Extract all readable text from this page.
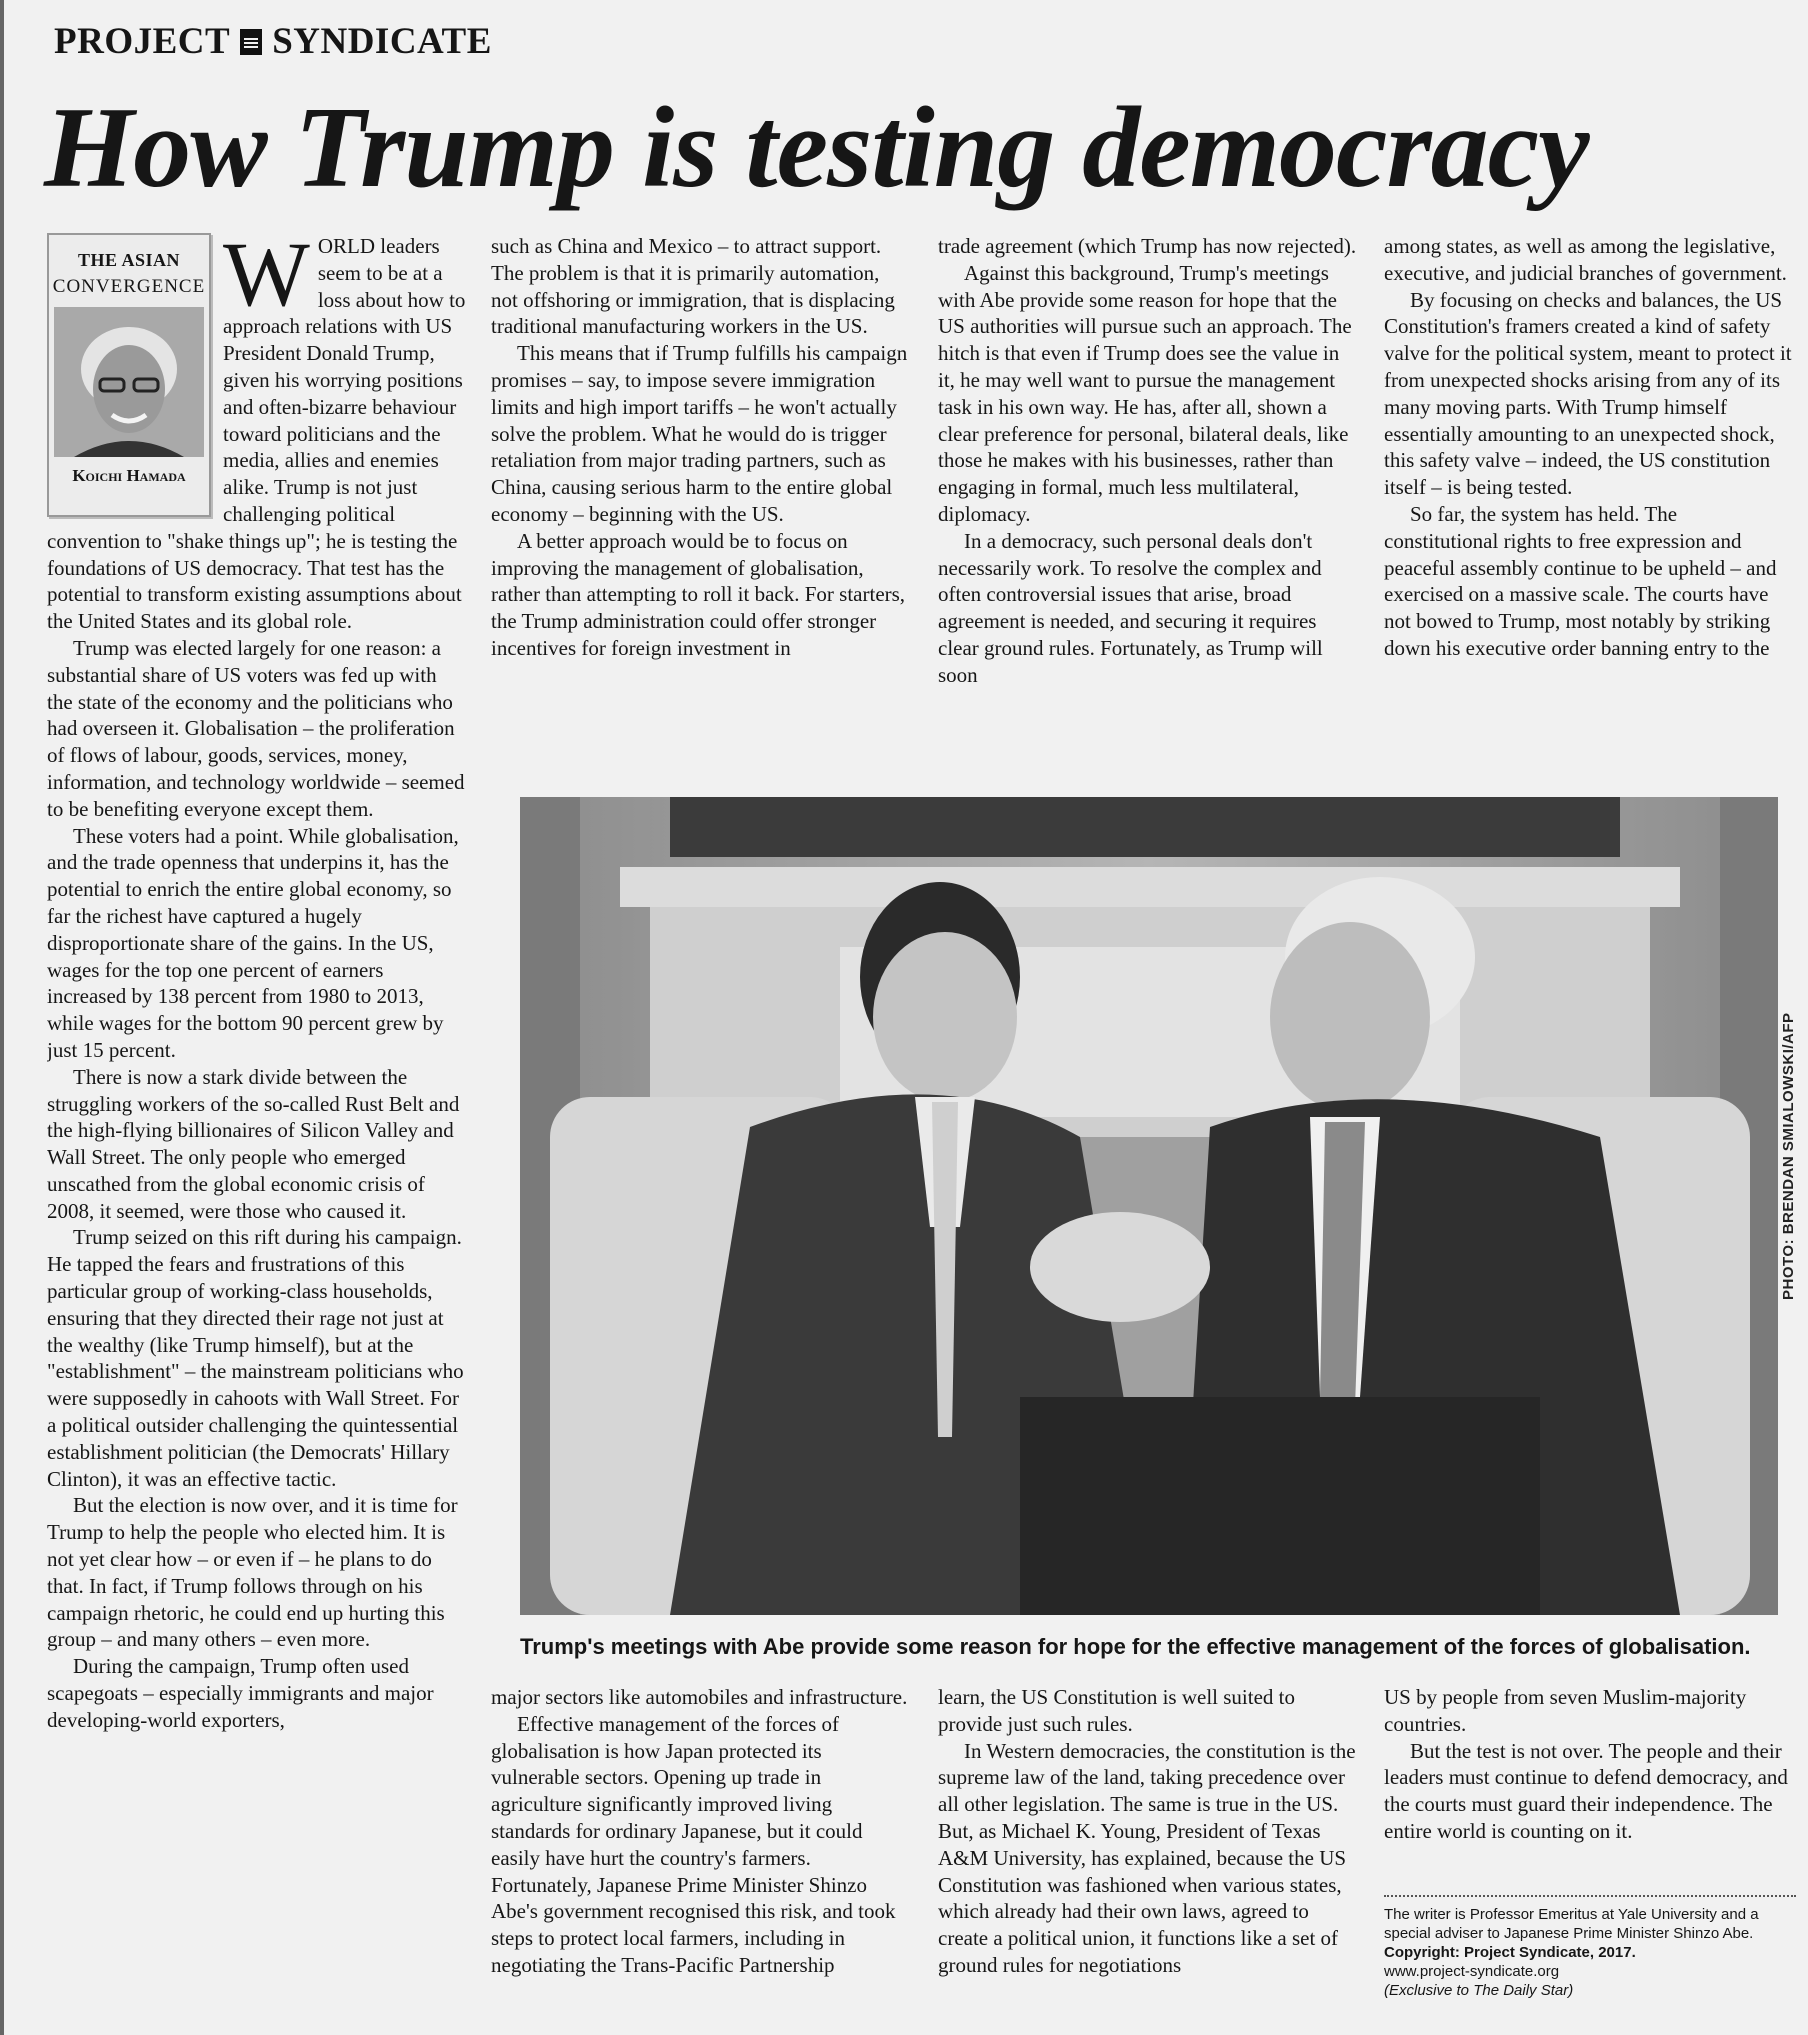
PROJECT SYNDICATE
How Trump is testing democracy
THE ASIAN
CONVERGENCE
Koichi Hamada
W ORLD leaders seem to be at a loss about how to approach relations with US President Donald Trump, given his worrying positions and often-bizarre behaviour toward politicians and the media, allies and enemies alike. Trump is not just challenging political convention to "shake things up"; he is testing the foundations of US democracy. That test has the potential to transform existing assumptions about the United States and its global role.

Trump was elected largely for one reason: a substantial share of US voters was fed up with the state of the economy and the politicians who had overseen it. Globalisation – the proliferation of flows of labour, goods, services, money, information, and technology worldwide – seemed to be benefiting everyone except them.

These voters had a point. While globalisation, and the trade openness that underpins it, has the potential to enrich the entire global economy, so far the richest have captured a hugely disproportionate share of the gains. In the US, wages for the top one percent of earners increased by 138 percent from 1980 to 2013, while wages for the bottom 90 percent grew by just 15 percent.

There is now a stark divide between the struggling workers of the so-called Rust Belt and the high-flying billionaires of Silicon Valley and Wall Street. The only people who emerged unscathed from the global economic crisis of 2008, it seemed, were those who caused it.

Trump seized on this rift during his campaign. He tapped the fears and frustrations of this particular group of working-class households, ensuring that they directed their rage not just at the wealthy (like Trump himself), but at the "establishment" – the mainstream politicians who were supposedly in cahoots with Wall Street. For a political outsider challenging the quintessential establishment politician (the Democrats' Hillary Clinton), it was an effective tactic.

But the election is now over, and it is time for Trump to help the people who elected him. It is not yet clear how – or even if – he plans to do that. In fact, if Trump follows through on his campaign rhetoric, he could end up hurting this group – and many others – even more.

During the campaign, Trump often used scapegoats – especially immigrants and major developing-world exporters,

such as China and Mexico – to attract support. The problem is that it is primarily automation, not offshoring or immigration, that is displacing traditional manufacturing workers in the US.

This means that if Trump fulfills his campaign promises – say, to impose severe immigration limits and high import tariffs – he won't actually solve the problem. What he would do is trigger retaliation from major trading partners, such as China, causing serious harm to the entire global economy – beginning with the US.

A better approach would be to focus on improving the management of globalisation, rather than attempting to roll it back. For starters, the Trump administration could offer stronger incentives for foreign investment in

trade agreement (which Trump has now rejected).

Against this background, Trump's meetings with Abe provide some reason for hope that the US authorities will pursue such an approach. The hitch is that even if Trump does see the value in it, he may well want to pursue the management task in his own way. He has, after all, shown a clear preference for personal, bilateral deals, like those he makes with his businesses, rather than engaging in formal, much less multilateral, diplomacy.

In a democracy, such personal deals don't necessarily work. To resolve the complex and often controversial issues that arise, broad agreement is needed, and securing it requires clear ground rules. Fortunately, as Trump will soon

among states, as well as among the legislative, executive, and judicial branches of government.

By focusing on checks and balances, the US Constitution's framers created a kind of safety valve for the political system, meant to protect it from unexpected shocks arising from any of its many moving parts. With Trump himself essentially amounting to an unexpected shock, this safety valve – indeed, the US constitution itself – is being tested.

So far, the system has held. The constitutional rights to free expression and peaceful assembly continue to be upheld – and exercised on a massive scale. The courts have not bowed to Trump, most notably by striking down his executive order banning entry to the

PHOTO: BRENDAN SMIALOWSKI/AFP
Trump's meetings with Abe provide some reason for hope for the effective management of the forces of globalisation.

major sectors like automobiles and infrastructure.

Effective management of the forces of globalisation is how Japan protected its vulnerable sectors. Opening up trade in agriculture significantly improved living standards for ordinary Japanese, but it could easily have hurt the country's farmers. Fortunately, Japanese Prime Minister Shinzo Abe's government recognised this risk, and took steps to protect local farmers, including in negotiating the Trans-Pacific Partnership

learn, the US Constitution is well suited to provide just such rules.

In Western democracies, the constitution is the supreme law of the land, taking precedence over all other legislation. The same is true in the US. But, as Michael K. Young, President of Texas A&M University, has explained, because the US Constitution was fashioned when various states, which already had their own laws, agreed to create a political union, it functions like a set of ground rules for negotiations

US by people from seven Muslim-majority countries.

But the test is not over. The people and their leaders must continue to defend democracy, and the courts must guard their independence. The entire world is counting on it.

The writer is Professor Emeritus at Yale University and a special adviser to Japanese Prime Minister Shinzo Abe.
Copyright: Project Syndicate, 2017.
www.project-syndicate.org
(Exclusive to The Daily Star)
